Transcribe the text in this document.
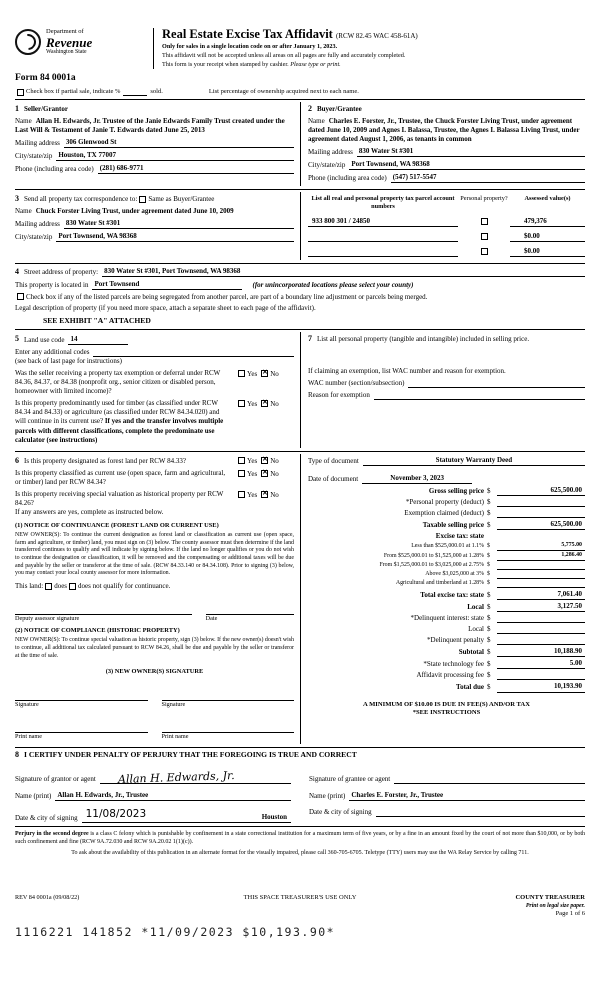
Department of
Revenue
Washington State
Real Estate Excise Tax Affidavit (RCW 82.45 WAC 458-61A)
Only for sales in a single location code on or after January 1, 2023.
This affidavit will not be accepted unless all areas on all pages are fully and accurately completed.
This form is your receipt when stamped by cashier. Please type or print.
Form 84 0001a
Check box if partial sale, indicate %	sold.	List percentage of ownership acquired next to each name.
1 Seller/Grantor
Name Allan H. Edwards, Jr. Trustee of the Janie Edwards Family Trust created under the Last Will & Testament of Janie T. Edwards dated June 25, 2013
Mailing address 306 Glenwood St
City/state/zip Houston, TX 77007
Phone (including area code) (281) 686-9771
2 Buyer/Grantee
Name Charles E. Forster, Jr., Trustee, the Chuck Forster Living Trust, under agreement dated June 10, 2009 and Agnes I. Balassa, Trustee, the Agnes I. Balassa Living Trust, under agreement dated August 1, 2006, as tenants in common
Mailing address 830 Water St #301
City/state/zip Port Townsend, WA 98368
Phone (including area code) (547) 517-5547
3 Send all property tax correspondence to: Same as Buyer/Grantee
Name Chuck Forster Living Trust, under agreement dated June 10, 2009
Mailing address 830 Water St #301
City/state/zip Port Townsend, WA 98368
List all real and personal property tax parcel account numbers
Personal property?	Assessed value(s)
933 800 301 / 24850	479,376
$0.00
$0.00
4 Street address of property: 830 Water St #301, Port Townsend, WA 98368
This property is located in Port Townsend	(for unincorporated locations please select your county)
Check box if any of the listed parcels are being segregated from another parcel, are part of a boundary line adjustment or parcels being merged.
Legal description of property (if you need more space, attach a separate sheet to each page of the affidavit).
SEE EXHIBIT "A" ATTACHED
5 Land use code 14
Enter any additional codes
(see back of last page for instructions)
Was the seller receiving a property tax exemption or deferral under RCW 84.36, 84.37, or 84.38 (nonprofit org., senior citizen or disabled person, homeowner with limited income)?
Yes ✕ No
Is this property predominantly used for timber (as classified under RCW 84.34 and 84.33) or agriculture (as classified under RCW 84.34.020) and will continue in its current use? If yes and the transfer involves multiple parcels with different classifications, complete the predominate use calculator (see instructions)
Yes ✕ No
7 List all personal property (tangible and intangible) included in selling price.
If claiming an exemption, list WAC number and reason for exemption.
WAC number (section/subsection)
Reason for exemption
6 Is this property designated as forest land per RCW 84.33?	Yes ✕ No
Is this property classified as current use (open space, farm and agricultural, or timber) land per RCW 84.34?
Yes ✕ No
Is this property receiving special valuation as historical property per RCW 84.26?
Yes ✕ No
If any answers are yes, complete as instructed below.
(1) NOTICE OF CONTINUANCE (FOREST LAND OR CURRENT USE)
NEW OWNER(S): To continue the current designation as forest land or classification as current use (open space, farm and agriculture, or timber) land, you must sign on (3) below. The county assessor must then determine if the land transferred continues to qualify and will indicate by signing below. If the land no longer qualifies or you do not wish to continue the designation or classification, it will be removed and the compensating or additional taxes will be due and payable by the seller or transferor at the time of sale. (RCW 84.33.140 or 84.34.108). Prior to signing (3) below, you may contact your local county assessor for more information.
This land: does does not qualify for continuance.
Deputy assessor signature	Date
(2) NOTICE OF COMPLIANCE (HISTORIC PROPERTY)
NEW OWNER(S): To continue special valuation as historic property, sign (3) below. If the new owner(s) doesn't wish to continue, all additional tax calculated pursuant to RCW 84.26, shall be due and payable by the seller or transferor at the time of sale.
(3) NEW OWNER(S) SIGNATURE
Signature	Signature
Print name	Print name
Type of document	Statutory Warranty Deed
Date of document	November 3, 2023
Gross selling price $	625,500.00
*Personal property (deduct) $
Exemption claimed (deduct) $
Taxable selling price $	625,500.00
Excise tax: state
Less than $525,000.01 at 1.1% $	5,775.00
From $525,000.01 to $1,525,000 at 1.28% $	1,286.40
From $1,525,000.01 to $3,025,000 at 2.75% $
Above $3,025,000 at 3% $
Agricultural and timberland at 1.28% $
Total excise tax: state $	7,061.40
Local $	3,127.50
*Delinquent interest: state $
Local $
*Delinquent penalty $
Subtotal $	10,188.90
*State technology fee $	5.00
Affidavit processing fee $
Total due $	10,193.90
A MINIMUM OF $10.00 IS DUE IN FEE(S) AND/OR TAX
*SEE INSTRUCTIONS
8 I CERTIFY UNDER PENALTY OF PERJURY THAT THE FOREGOING IS TRUE AND CORRECT
Signature of grantor or agent	Allan H. Edwards, Jr.
Name (print) Allan H. Edwards, Jr., Trustee
Date & city of signing 11/08/2023	Houston
Signature of grantee or agent
Name (print) Charles E. Forster, Jr., Trustee
Date & city of signing
Perjury in the second degree is a class C felony which is punishable by confinement in a state correctional institution for a maximum term of five years, or by a fine in an amount fixed by the court of not more than $10,000, or by both such confinement and fine (RCW 9A.72.030 and RCW 9A.20.02 1(1)(c)).
To ask about the availability of this publication in an alternate format for the visually impaired, please call 360-705-6705. Teletype (TTY) users may use the WA Relay Service by calling 711.
REV 84 0001a (09/08/22)	THIS SPACE TREASURER'S USE ONLY	COUNTY TREASURER
Print on legal size paper.
Page 1 of 6
1116221 141852 *11/09/2023 $10,193.90*
